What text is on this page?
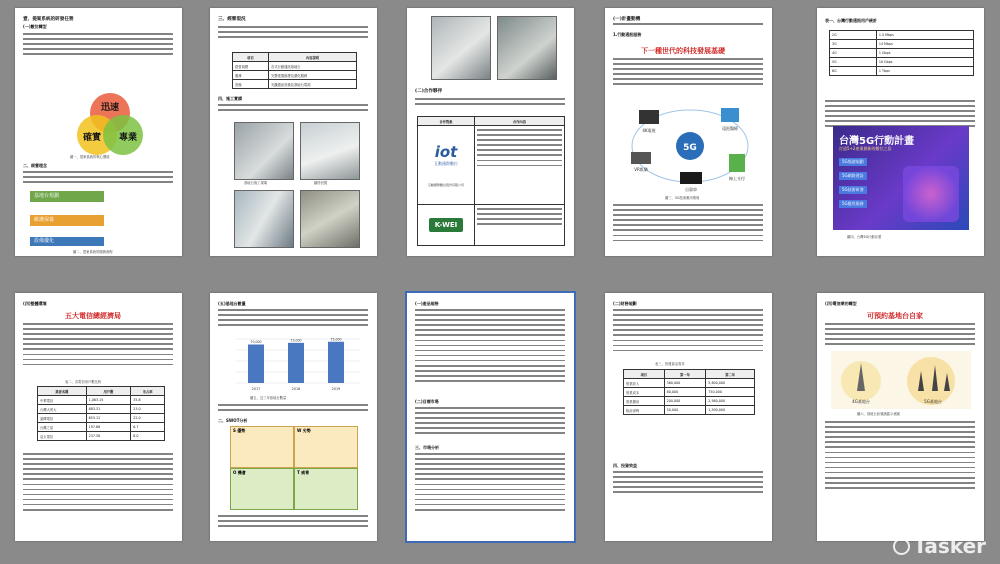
壹、提案系統的研發任務
(一)數位轉型
迅速
確實 專業
圖一、提案系統的核心價值
二、經營理念
基地台規劃
維護保養
設備優化
圖二、提案系統的服務流程
三、經營現況
項目	內容說明
經營規模	各式行動通訊基地台
服務	完整建置維護及優化服務
設備	光纖通訊設備及基地台電源
四、施工實績
基地台施工現場	鐵塔設置
(二)合作夥伴
合作對象	合作內容

iot
互動國際數位
互動國際數位股份有限公司	

K-WEI	
(一)計畫動機
1.行動通訊服務
下一種世代的科技發展基礎
5G
4K電視	遠距醫療
VR娛樂
自駕車
線上支付
圖三、5G技術應用情境
表一、台灣行動通訊用戶統計
2G	1.5 Mbps
3G	14 Mbps
4G	1 Gbps
5G	10 Gbps
6G	1 Tbps
台灣5G行動計畫
打造5+2產業創新的數位之島
5G頻譜規劃
5G網路建設
5G技術研發
5G應用服務
圖四、台灣5G行動計畫
(四)整體環境
五大電信總經濟局
表二、各電信用戶數比較
業者名稱	用戶數	市占率
中華電信	1,063.15	35.8
台灣大哥大	683.31	23.0
遠傳電信	653.12	22.0
台灣之星	197.68	6.7
亞太電信	237.58	8.0
(五)基地台數量
70,000
2017
73,000
2018
75,000
2019
圖五、近三年基地台數量
二、SWOT分析
S 優勢	W 劣勢
O 機會	T 威脅
(一)產品規格
(二)目標市場
三、市場分析
(二)財務規劃
表三、營運資金需求
項目	第一年	第二年
營業收入	360,000	5,800,000
營業成本	80,000	750,000
營業費用	200,000	2,560,000
稅前淨利	50,000	1,590,000
四、投資效益
(四)電信業的轉型
可預約基地台自家
4G基地台	5G基地台
圖六、基地台訊號涵蓋示意圖
Tasker
